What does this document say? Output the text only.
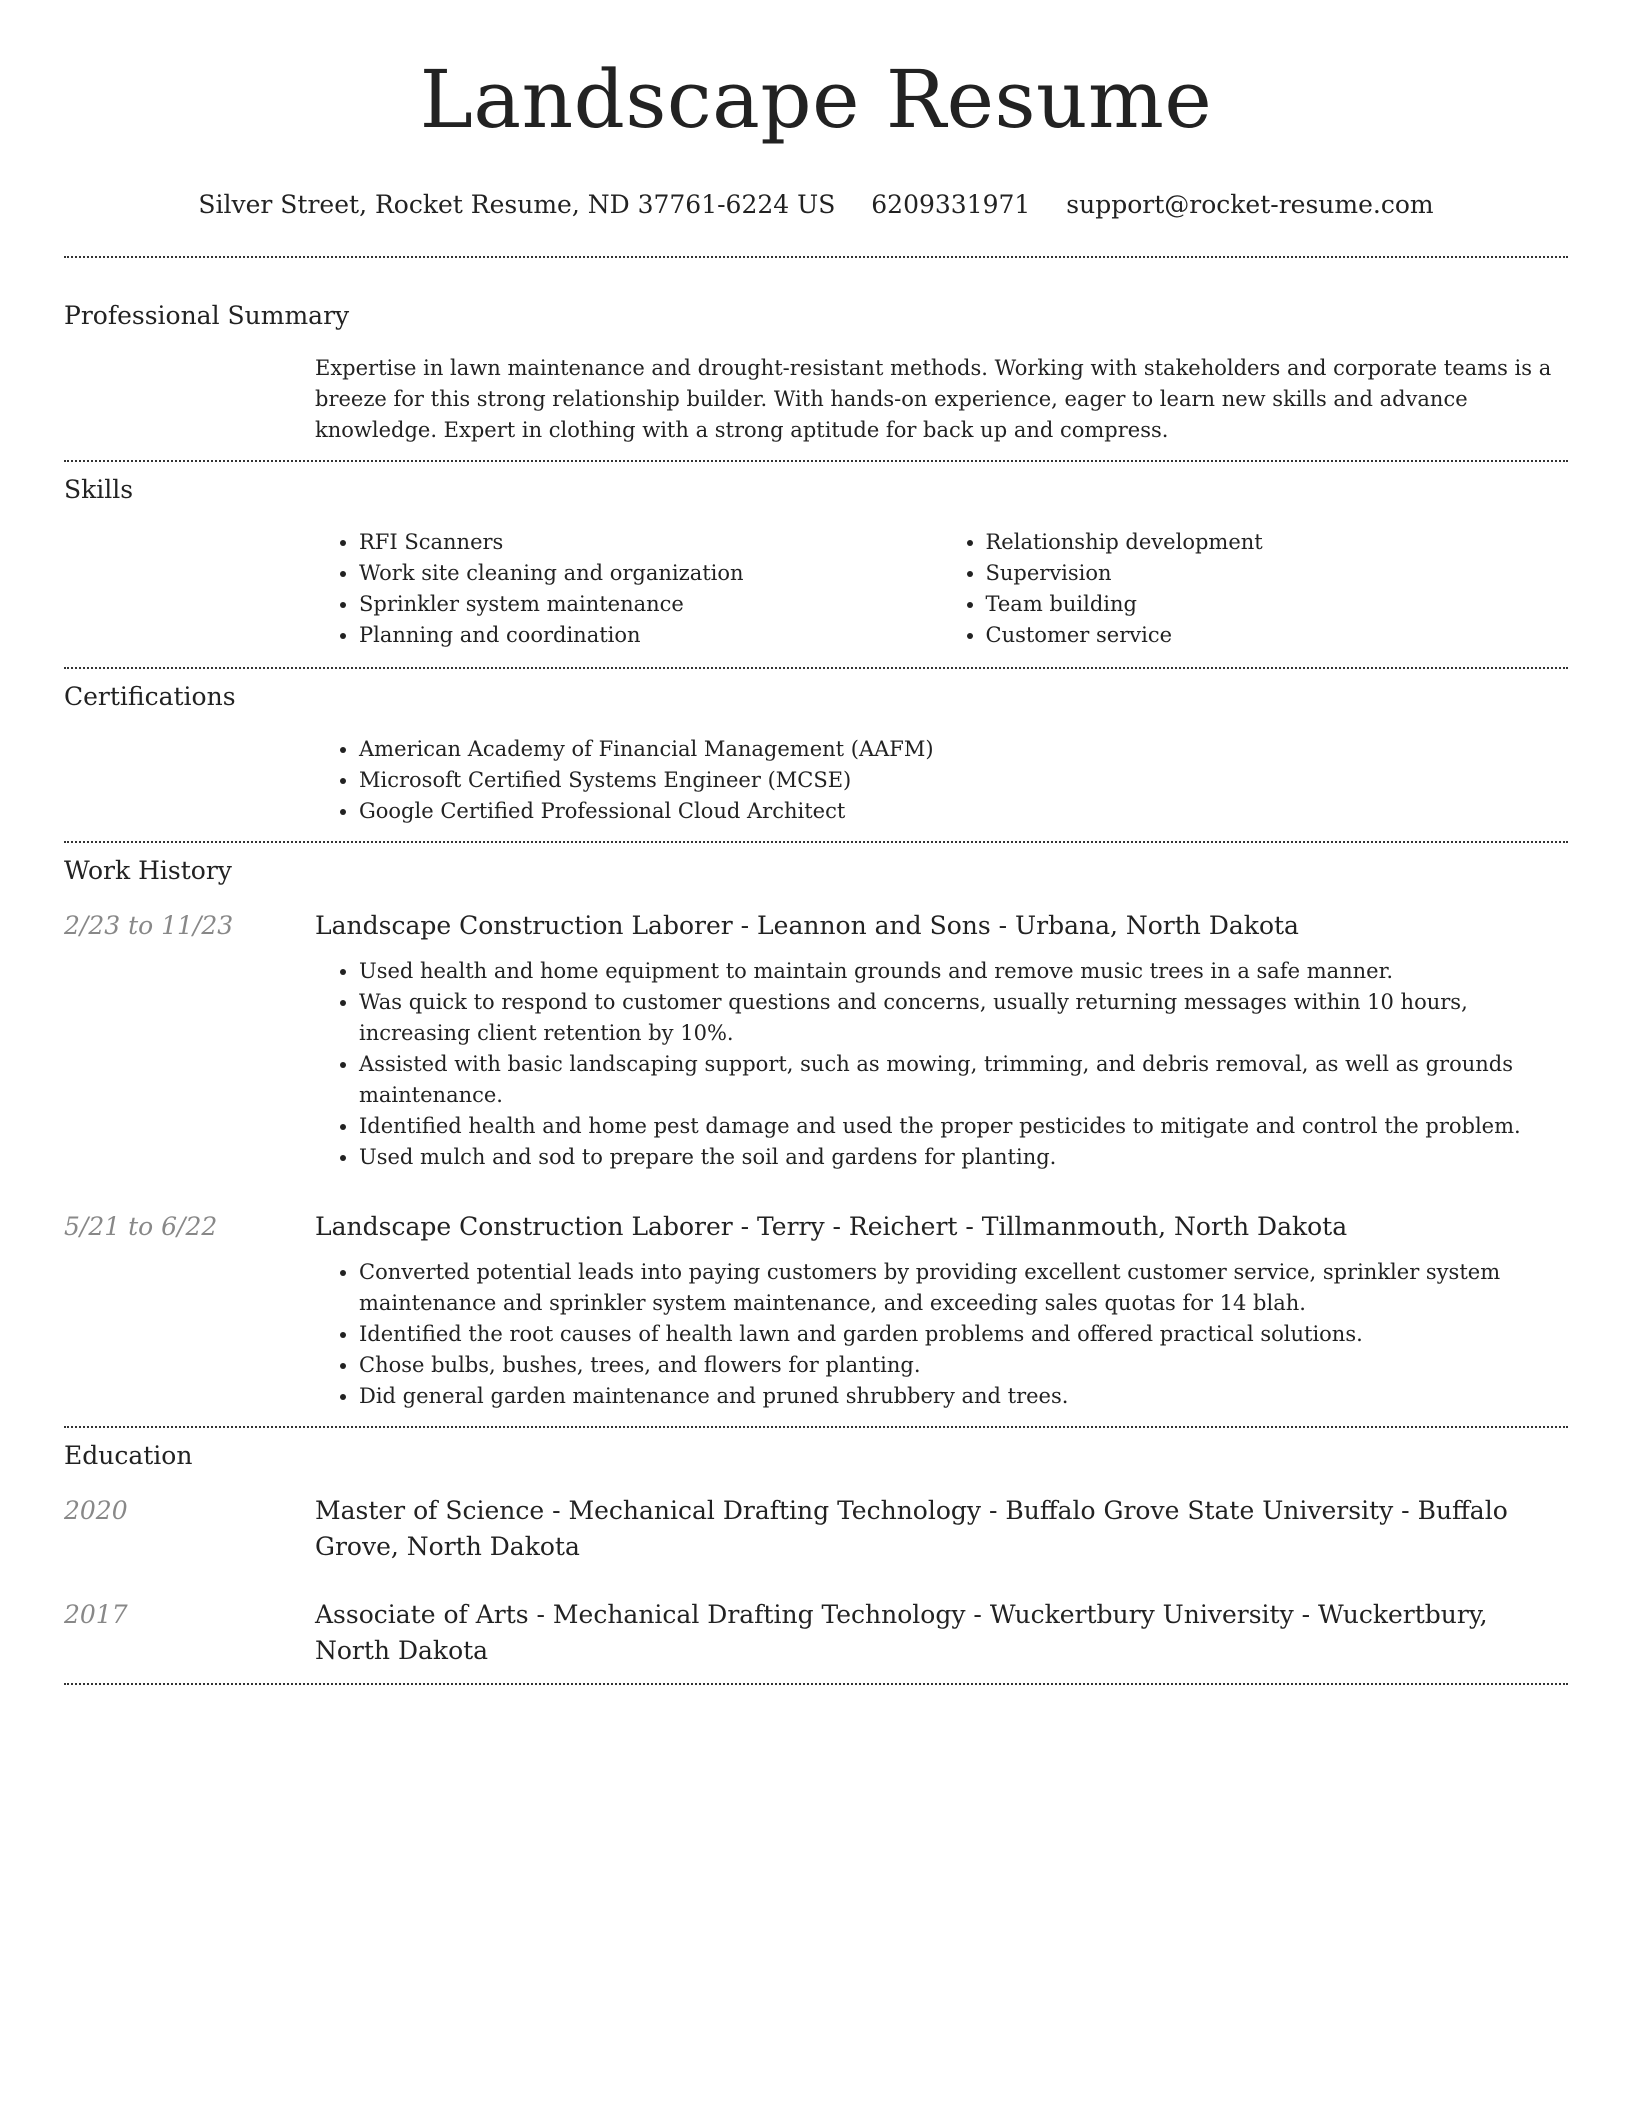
Landscape Resume
Silver Street, Rocket Resume, ND 37761-6224 US 6209331971 support@rocket-resume.com
Professional Summary

Expertise in lawn maintenance and drought-resistant methods. Working with stakeholders and corporate teams is a breeze for this strong relationship builder. With hands-on experience, eager to learn new skills and advance knowledge. Expert in clothing with a strong aptitude for back up and compress.

Skills
• RFI Scanners
• Work site cleaning and organization
• Sprinkler system maintenance
• Planning and coordination
• Relationship development
• Supervision
• Team building
• Customer service
Certifications
• American Academy of Financial Management (AAFM)
• Microsoft Certified Systems Engineer (MCSE)
• Google Certified Professional Cloud Architect
Work History
2/23 to 11/23	Landscape Construction Laborer - Leannon and Sons - Urbana, North Dakota
• Used health and home equipment to maintain grounds and remove music trees in a safe manner.
• Was quick to respond to customer questions and concerns, usually returning messages within 10 hours, increasing client retention by 10%.
• Assisted with basic landscaping support, such as mowing, trimming, and debris removal, as well as grounds maintenance.
• Identified health and home pest damage and used the proper pesticides to mitigate and control the problem.
• Used mulch and sod to prepare the soil and gardens for planting.
5/21 to 6/22	Landscape Construction Laborer - Terry - Reichert - Tillmanmouth, North Dakota
• Converted potential leads into paying customers by providing excellent customer service, sprinkler system maintenance and sprinkler system maintenance, and exceeding sales quotas for 14 blah.
• Identified the root causes of health lawn and garden problems and offered practical solutions.
• Chose bulbs, bushes, trees, and flowers for planting.
• Did general garden maintenance and pruned shrubbery and trees.
Education
2020	Master of Science - Mechanical Drafting Technology - Buffalo Grove State University - Buffalo Grove, North Dakota
2017	Associate of Arts - Mechanical Drafting Technology - Wuckertbury University - Wuckertbury, North Dakota
